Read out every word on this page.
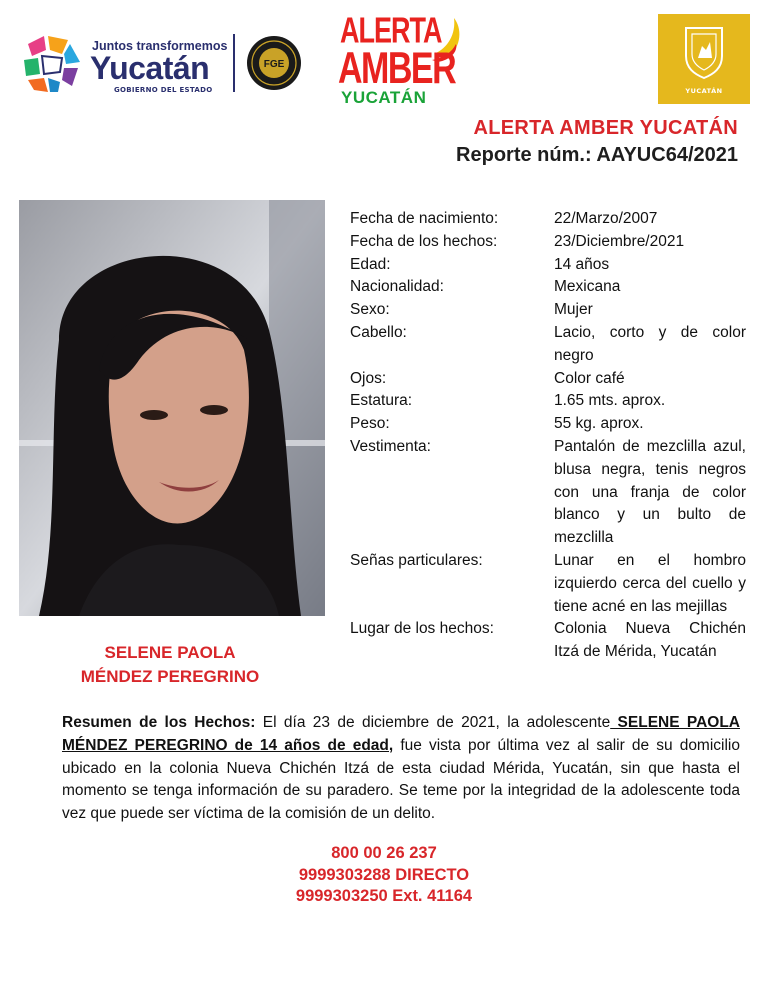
Juntos transformemos
Yucatán
GOBIERNO DEL ESTADO
FGE
ALERTA
AMBER
YUCATÁN	YUCATÁN
ALERTA AMBER YUCATÁN
Reporte núm.: AAYUC64/2021
SELENE PAOLA
MÉNDEZ PEREGRINO
Fecha de nacimiento:	22/Marzo/2007
Fecha de los hechos:	23/Diciembre/2021
Edad:	14 años
Nacionalidad:	Mexicana
Sexo:	Mujer
Cabello:	Lacio, corto y de color negro
Ojos:	Color café
Estatura:	1.65 mts. aprox.
Peso:	55 kg. aprox.
Vestimenta:	Pantalón de mezclilla azul, blusa negra, tenis negros con una franja de color blanco y un bulto de mezclilla
Señas particulares:	Lunar en el hombro izquierdo cerca del cuello y tiene acné en las mejillas
Lugar de los hechos:	Colonia Nueva Chichén Itzá de Mérida, Yucatán
Resumen de los Hechos: El día 23 de diciembre de 2021, la adolescente SELENE PAOLA MÉNDEZ PEREGRINO de 14 años de edad, fue vista por última vez al salir de su domicilio ubicado en la colonia Nueva Chichén Itzá de esta ciudad Mérida, Yucatán, sin que hasta el momento se tenga información de su paradero. Se teme por la integridad de la adolescente toda vez que puede ser víctima de la comisión de un delito.
800 00 26 237
9999303288 DIRECTO
9999303250 Ext. 41164
